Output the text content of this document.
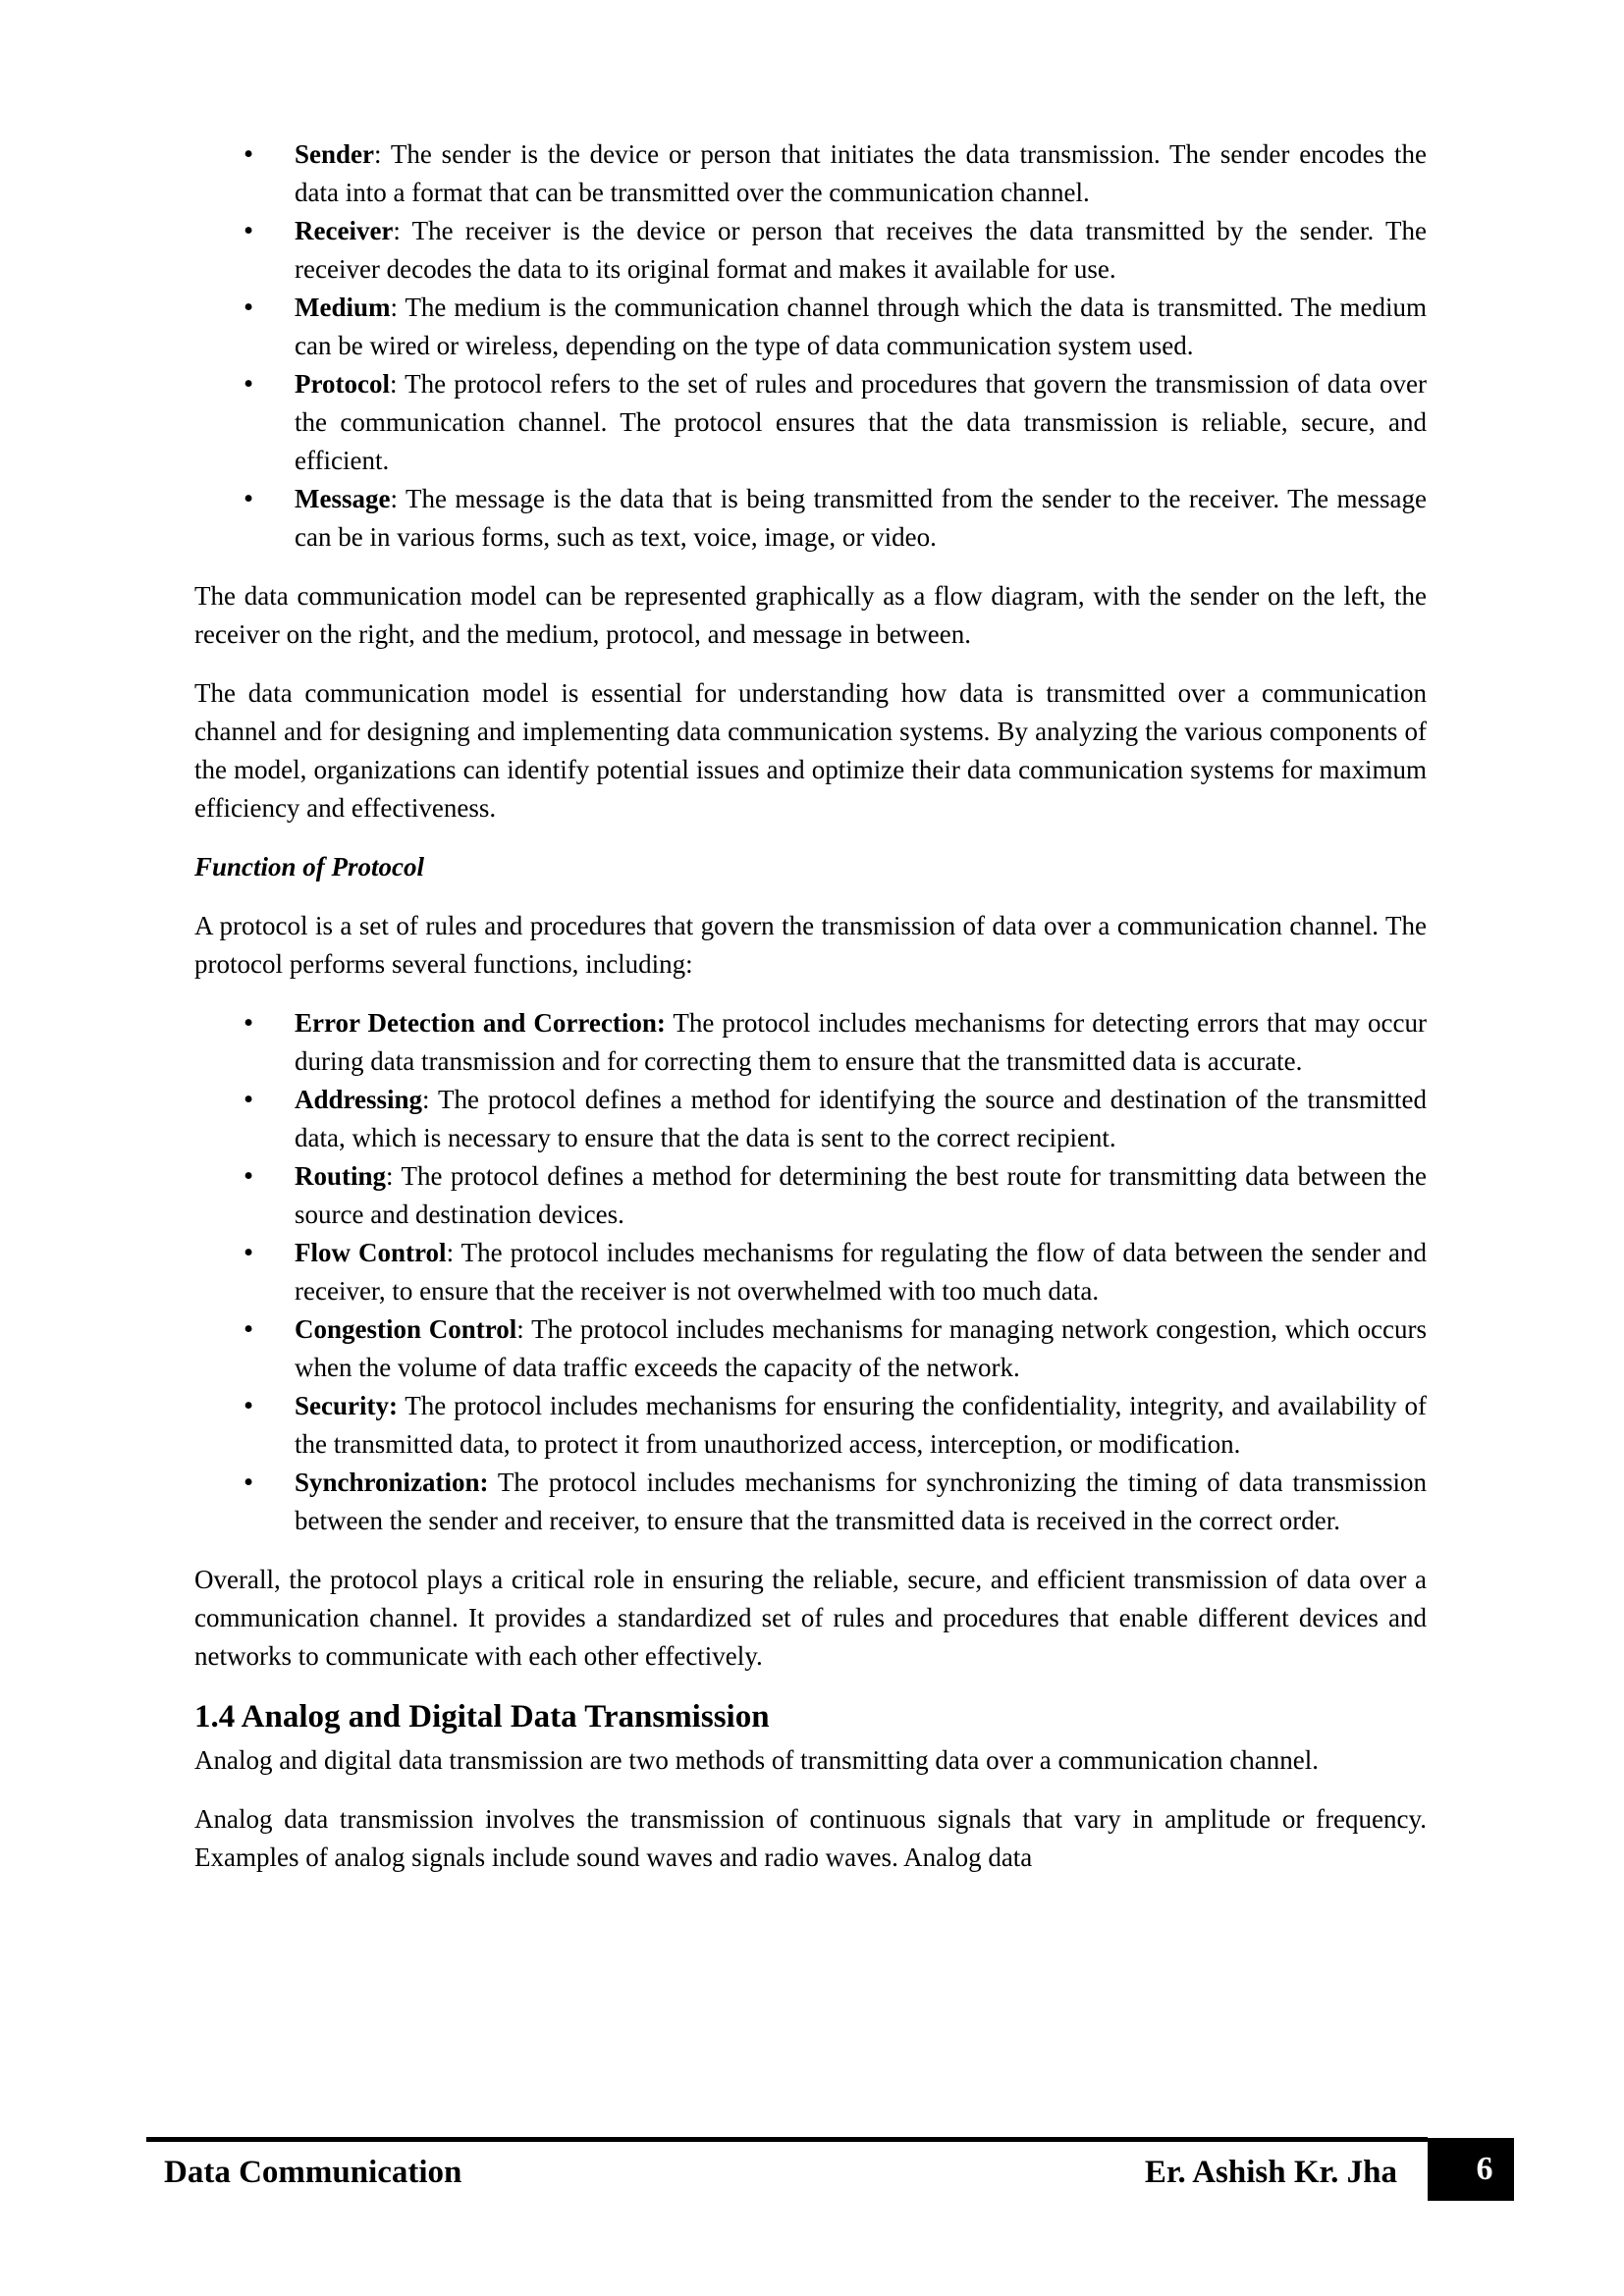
• Sender: The sender is the device or person that initiates the data transmission. The sender encodes the data into a format that can be transmitted over the communication channel.
• Receiver: The receiver is the device or person that receives the data transmitted by the sender. The receiver decodes the data to its original format and makes it available for use.
• Medium: The medium is the communication channel through which the data is transmitted. The medium can be wired or wireless, depending on the type of data communication system used.
• Protocol: The protocol refers to the set of rules and procedures that govern the transmission of data over the communication channel. The protocol ensures that the data transmission is reliable, secure, and efficient.
• Message: The message is the data that is being transmitted from the sender to the receiver. The message can be in various forms, such as text, voice, image, or video.

The data communication model can be represented graphically as a flow diagram, with the sender on the left, the receiver on the right, and the medium, protocol, and message in between.

The data communication model is essential for understanding how data is transmitted over a communication channel and for designing and implementing data communication systems. By analyzing the various components of the model, organizations can identify potential issues and optimize their data communication systems for maximum efficiency and effectiveness.

Function of Protocol

A protocol is a set of rules and procedures that govern the transmission of data over a communication channel. The protocol performs several functions, including:

• Error Detection and Correction: The protocol includes mechanisms for detecting errors that may occur during data transmission and for correcting them to ensure that the transmitted data is accurate.
• Addressing: The protocol defines a method for identifying the source and destination of the transmitted data, which is necessary to ensure that the data is sent to the correct recipient.
• Routing: The protocol defines a method for determining the best route for transmitting data between the source and destination devices.
• Flow Control: The protocol includes mechanisms for regulating the flow of data between the sender and receiver, to ensure that the receiver is not overwhelmed with too much data.
• Congestion Control: The protocol includes mechanisms for managing network congestion, which occurs when the volume of data traffic exceeds the capacity of the network.
• Security: The protocol includes mechanisms for ensuring the confidentiality, integrity, and availability of the transmitted data, to protect it from unauthorized access, interception, or modification.
• Synchronization: The protocol includes mechanisms for synchronizing the timing of data transmission between the sender and receiver, to ensure that the transmitted data is received in the correct order.

Overall, the protocol plays a critical role in ensuring the reliable, secure, and efficient transmission of data over a communication channel. It provides a standardized set of rules and procedures that enable different devices and networks to communicate with each other effectively.

1.4 Analog and Digital Data Transmission

Analog and digital data transmission are two methods of transmitting data over a communication channel.

Analog data transmission involves the transmission of continuous signals that vary in amplitude or frequency. Examples of analog signals include sound waves and radio waves. Analog data

Data Communication	Er. Ashish Kr. Jha	6
